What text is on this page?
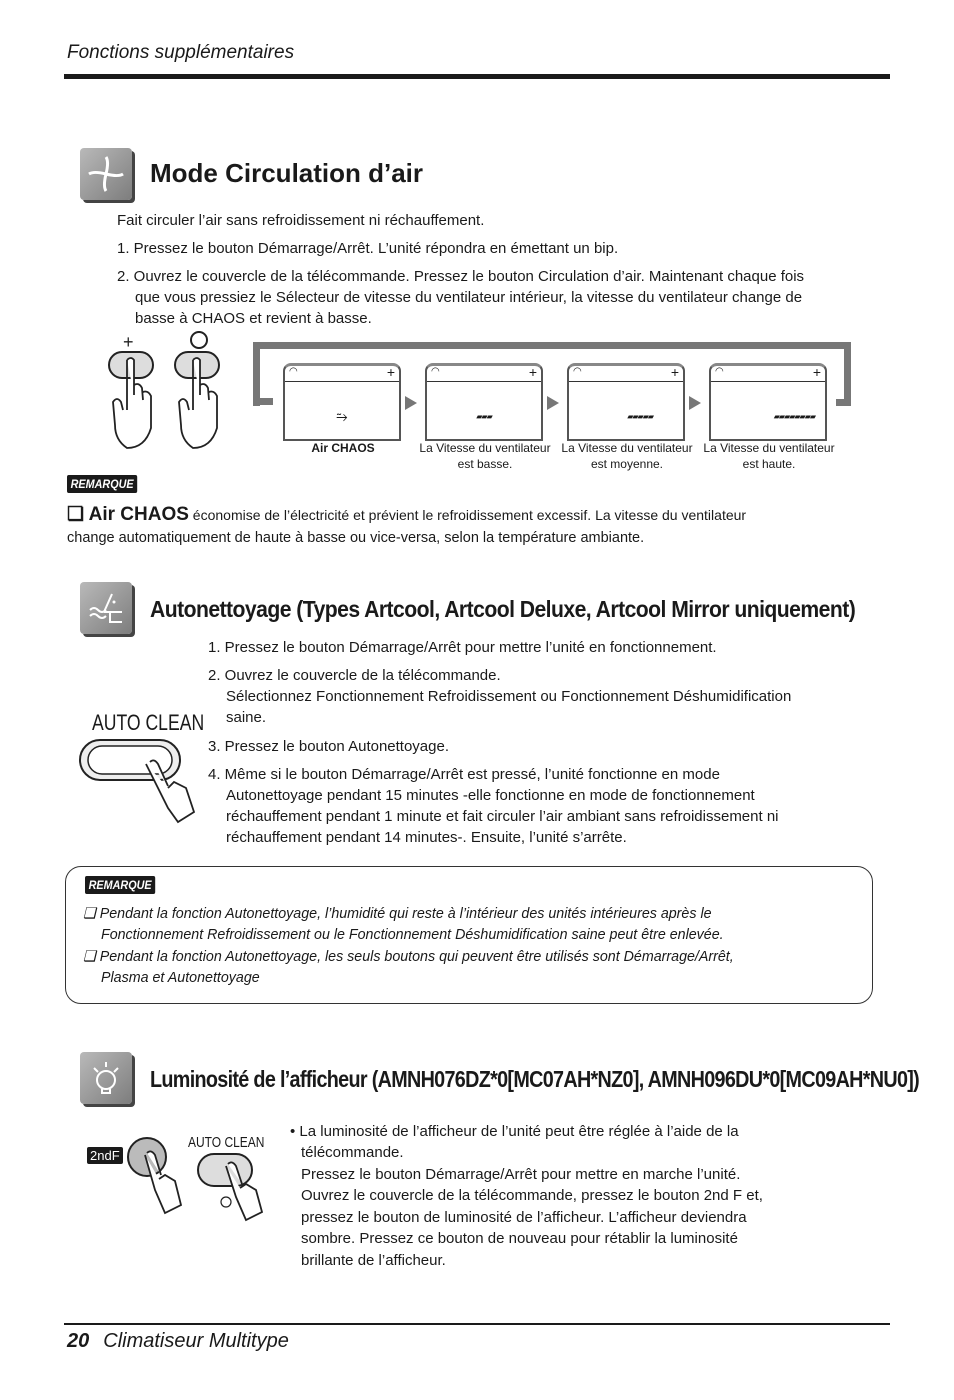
Fonctions supplémentaires
Mode Circulation d’air
Fait circuler l’air sans refroidissement ni réchauffement.
1. Pressez le bouton Démarrage/Arrêt. L’unité répondra en émettant un bip.
2. Ouvrez le couvercle de la télécommande. Pressez le bouton Circulation d’air. Maintenant chaque fois
que vous pressiez le Sélecteur de vitesse du ventilateur intérieur, la vitesse du ventilateur change de
basse à CHAOS et revient à basse.
+
◠	+
⥲
Air CHAOS
◠	+
▰▰▰
La Vitesse du ventilateur
est basse.
◠	+
▰▰▰▰▰
La Vitesse du ventilateur
est moyenne.
◠	+
▰▰▰▰▰▰▰▰
La Vitesse du ventilateur
est haute.
REMARQUE
❏ Air CHAOS économise de l’électricité et prévient le refroidissement excessif. La vitesse du ventilateur
change automatiquement de haute à basse ou vice-versa, selon la température ambiante.
Autonettoyage (Types Artcool, Artcool Deluxe, Artcool Mirror uniquement)
AUTO CLEAN
1. Pressez le bouton Démarrage/Arrêt pour mettre l’unité en fonctionnement.
2. Ouvrez le couvercle de la télécommande.
Sélectionnez Fonctionnement Refroidissement ou Fonctionnement Déshumidification
saine.
3. Pressez le bouton Autonettoyage.
4. Même si le bouton Démarrage/Arrêt est pressé, l’unité fonctionne en mode
Autonettoyage pendant 15 minutes -elle fonctionne en mode de fonctionnement
réchauffement pendant 1 minute et fait circuler l’air ambiant sans refroidissement ni
réchauffement pendant 14 minutes-. Ensuite, l’unité s’arrête.
REMARQUE
❏ Pendant la fonction Autonettoyage, l’humidité qui reste à l’intérieur des unités intérieures après le
Fonctionnement Refroidissement ou le Fonctionnement Déshumidification saine peut être enlevée.
❏ Pendant la fonction Autonettoyage, les seuls boutons qui peuvent être utilisés sont Démarrage/Arrêt,
Plasma et Autonettoyage
Luminosité de l’afficheur (AMNH076DZ*0[MC07AH*NZ0], AMNH096DU*0[MC09AH*NU0])
2ndF
AUTO CLEAN
• La luminosité de l’afficheur de l’unité peut être réglée à l’aide de la
télécommande.
Pressez le bouton Démarrage/Arrêt pour mettre en marche l’unité.
Ouvrez le couvercle de la télécommande, pressez le bouton 2nd F et,
pressez le bouton de luminosité de l’afficheur. L’afficheur deviendra
sombre. Pressez ce bouton de nouveau pour rétablir la luminosité
brillante de l’afficheur.
20 Climatiseur Multitype
